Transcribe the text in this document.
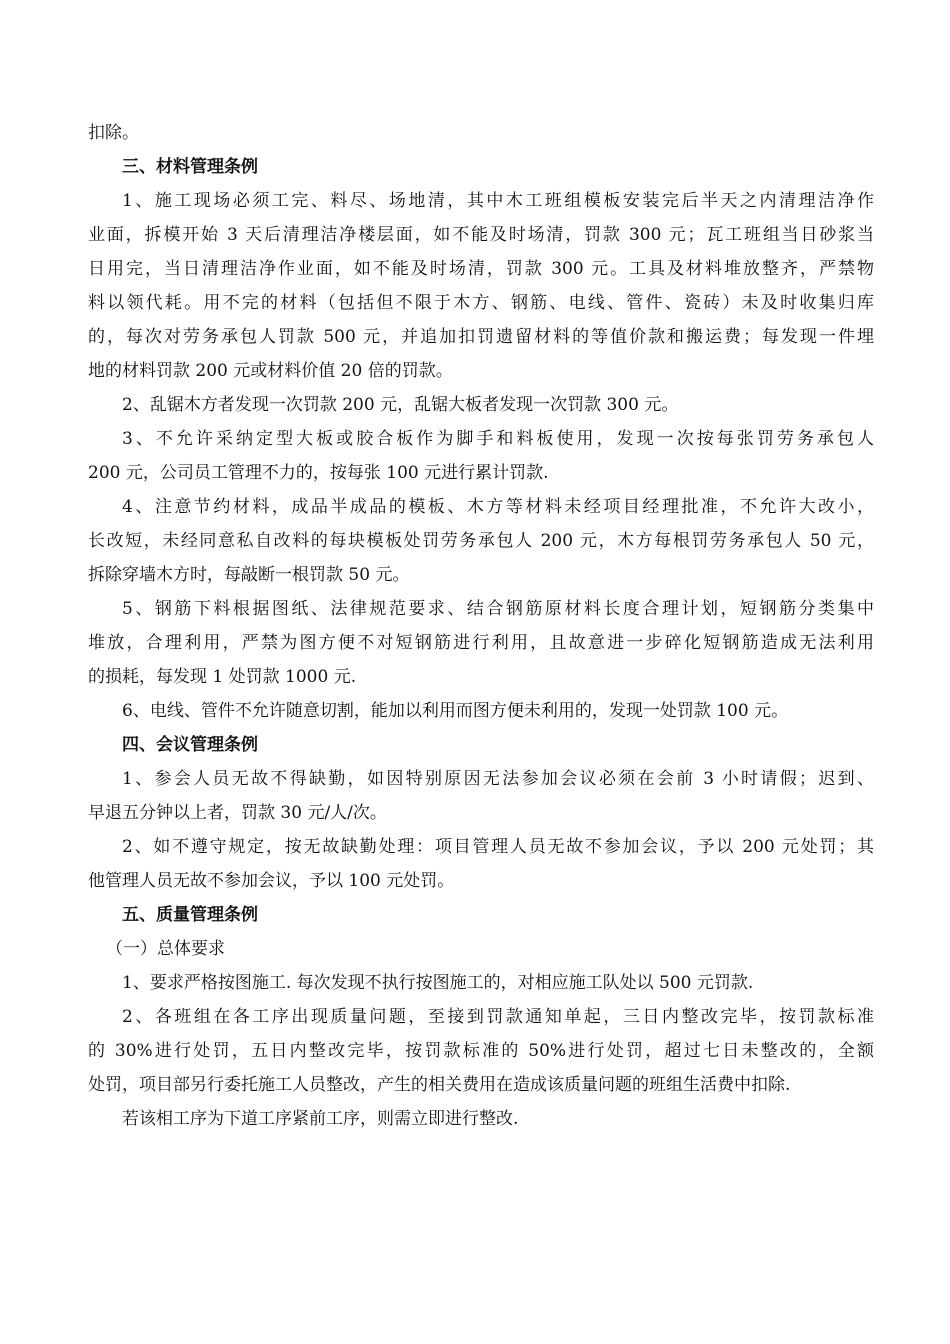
扣除。
三、材料管理条例
1、施工现场必须工完、料尽、场地清，其中木工班组模板安装完后半天之内清理洁净作
业面，拆模开始 3 天后清理洁净楼层面，如不能及时场清，罚款 300 元；瓦工班组当日砂浆当
日用完，当日清理洁净作业面，如不能及时场清，罚款 300 元。工具及材料堆放整齐，严禁物
料以领代耗。用不完的材料（包括但不限于木方、钢筋、电线、管件、瓷砖）未及时收集归库
的，每次对劳务承包人罚款 500 元，并追加扣罚遗留材料的等值价款和搬运费；每发现一件埋
地的材料罚款 200 元或材料价值 20 倍的罚款。
2、乱锯木方者发现一次罚款 200 元，乱锯大板者发现一次罚款 300 元。
3、不允许采纳定型大板或胶合板作为脚手和料板使用，发现一次按每张罚劳务承包人
200 元，公司员工管理不力的，按每张 100 元进行累计罚款.
4、注意节约材料，成品半成品的模板、木方等材料未经项目经理批准，不允许大改小，
长改短，未经同意私自改料的每块模板处罚劳务承包人 200 元，木方每根罚劳务承包人 50 元，
拆除穿墙木方时，每敲断一根罚款 50 元。
5、钢筋下料根据图纸、法律规范要求、结合钢筋原材料长度合理计划，短钢筋分类集中
堆放，合理利用，严禁为图方便不对短钢筋进行利用，且故意进一步碎化短钢筋造成无法利用
的损耗，每发现 1 处罚款 1000 元.
6、电线、管件不允许随意切割，能加以利用而图方便未利用的，发现一处罚款 100 元。
四、会议管理条例
1、参会人员无故不得缺勤，如因特别原因无法参加会议必须在会前 3 小时请假；迟到、
早退五分钟以上者，罚款 30 元/人/次。
2、如不遵守规定，按无故缺勤处理：项目管理人员无故不参加会议，予以 200 元处罚；其
他管理人员无故不参加会议，予以 100 元处罚。
五、质量管理条例
（一）总体要求
1、要求严格按图施工. 每次发现不执行按图施工的，对相应施工队处以 500 元罚款.
2、各班组在各工序出现质量问题，至接到罚款通知单起，三日内整改完毕，按罚款标准
的 30%进行处罚，五日内整改完毕，按罚款标准的 50%进行处罚，超过七日未整改的，全额
处罚，项目部另行委托施工人员整改，产生的相关费用在造成该质量问题的班组生活费中扣除.
若该相工序为下道工序紧前工序，则需立即进行整改.
